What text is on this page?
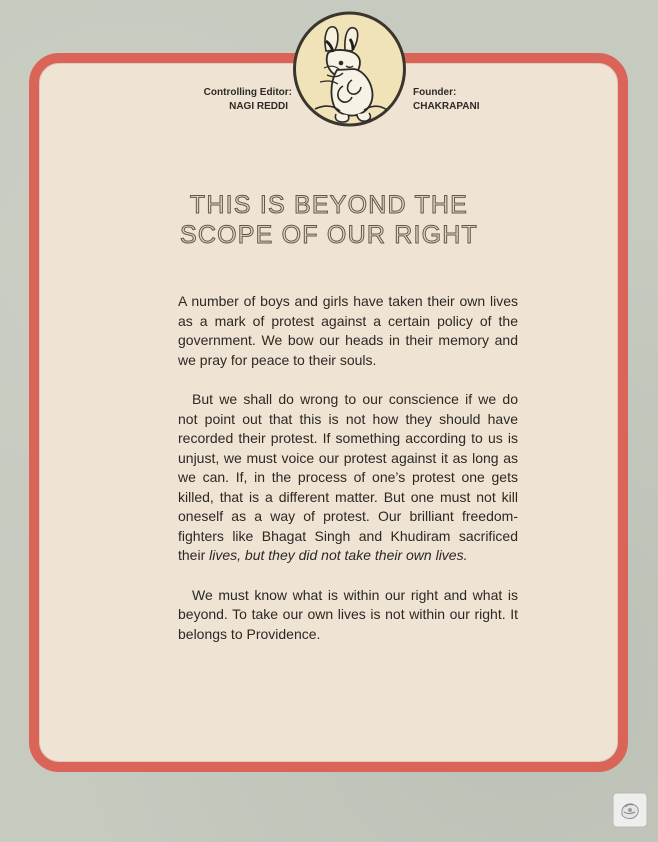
Controlling Editor:
NAGI REDDI
Founder:
CHAKRAPANI
THIS IS BEYOND THE
SCOPE OF OUR RIGHT

A number of boys and girls have taken their own lives as a mark of protest against a certain policy of the government. We bow our heads in their memory and we pray for peace to their souls.

But we shall do wrong to our conscience if we do not point out that this is not how they should have recorded their protest. If something according to us is unjust, we must voice our protest against it as long as we can. If, in the process of one’s protest one gets killed, that is a different matter. But one must not kill oneself as a way of protest. Our brilliant freedom-fighters like Bhagat Singh and Khudiram sacrificed their lives, but they did not take their own lives.

We must know what is within our right and what is beyond. To take our own lives is not within our right. It belongs to Providence.
